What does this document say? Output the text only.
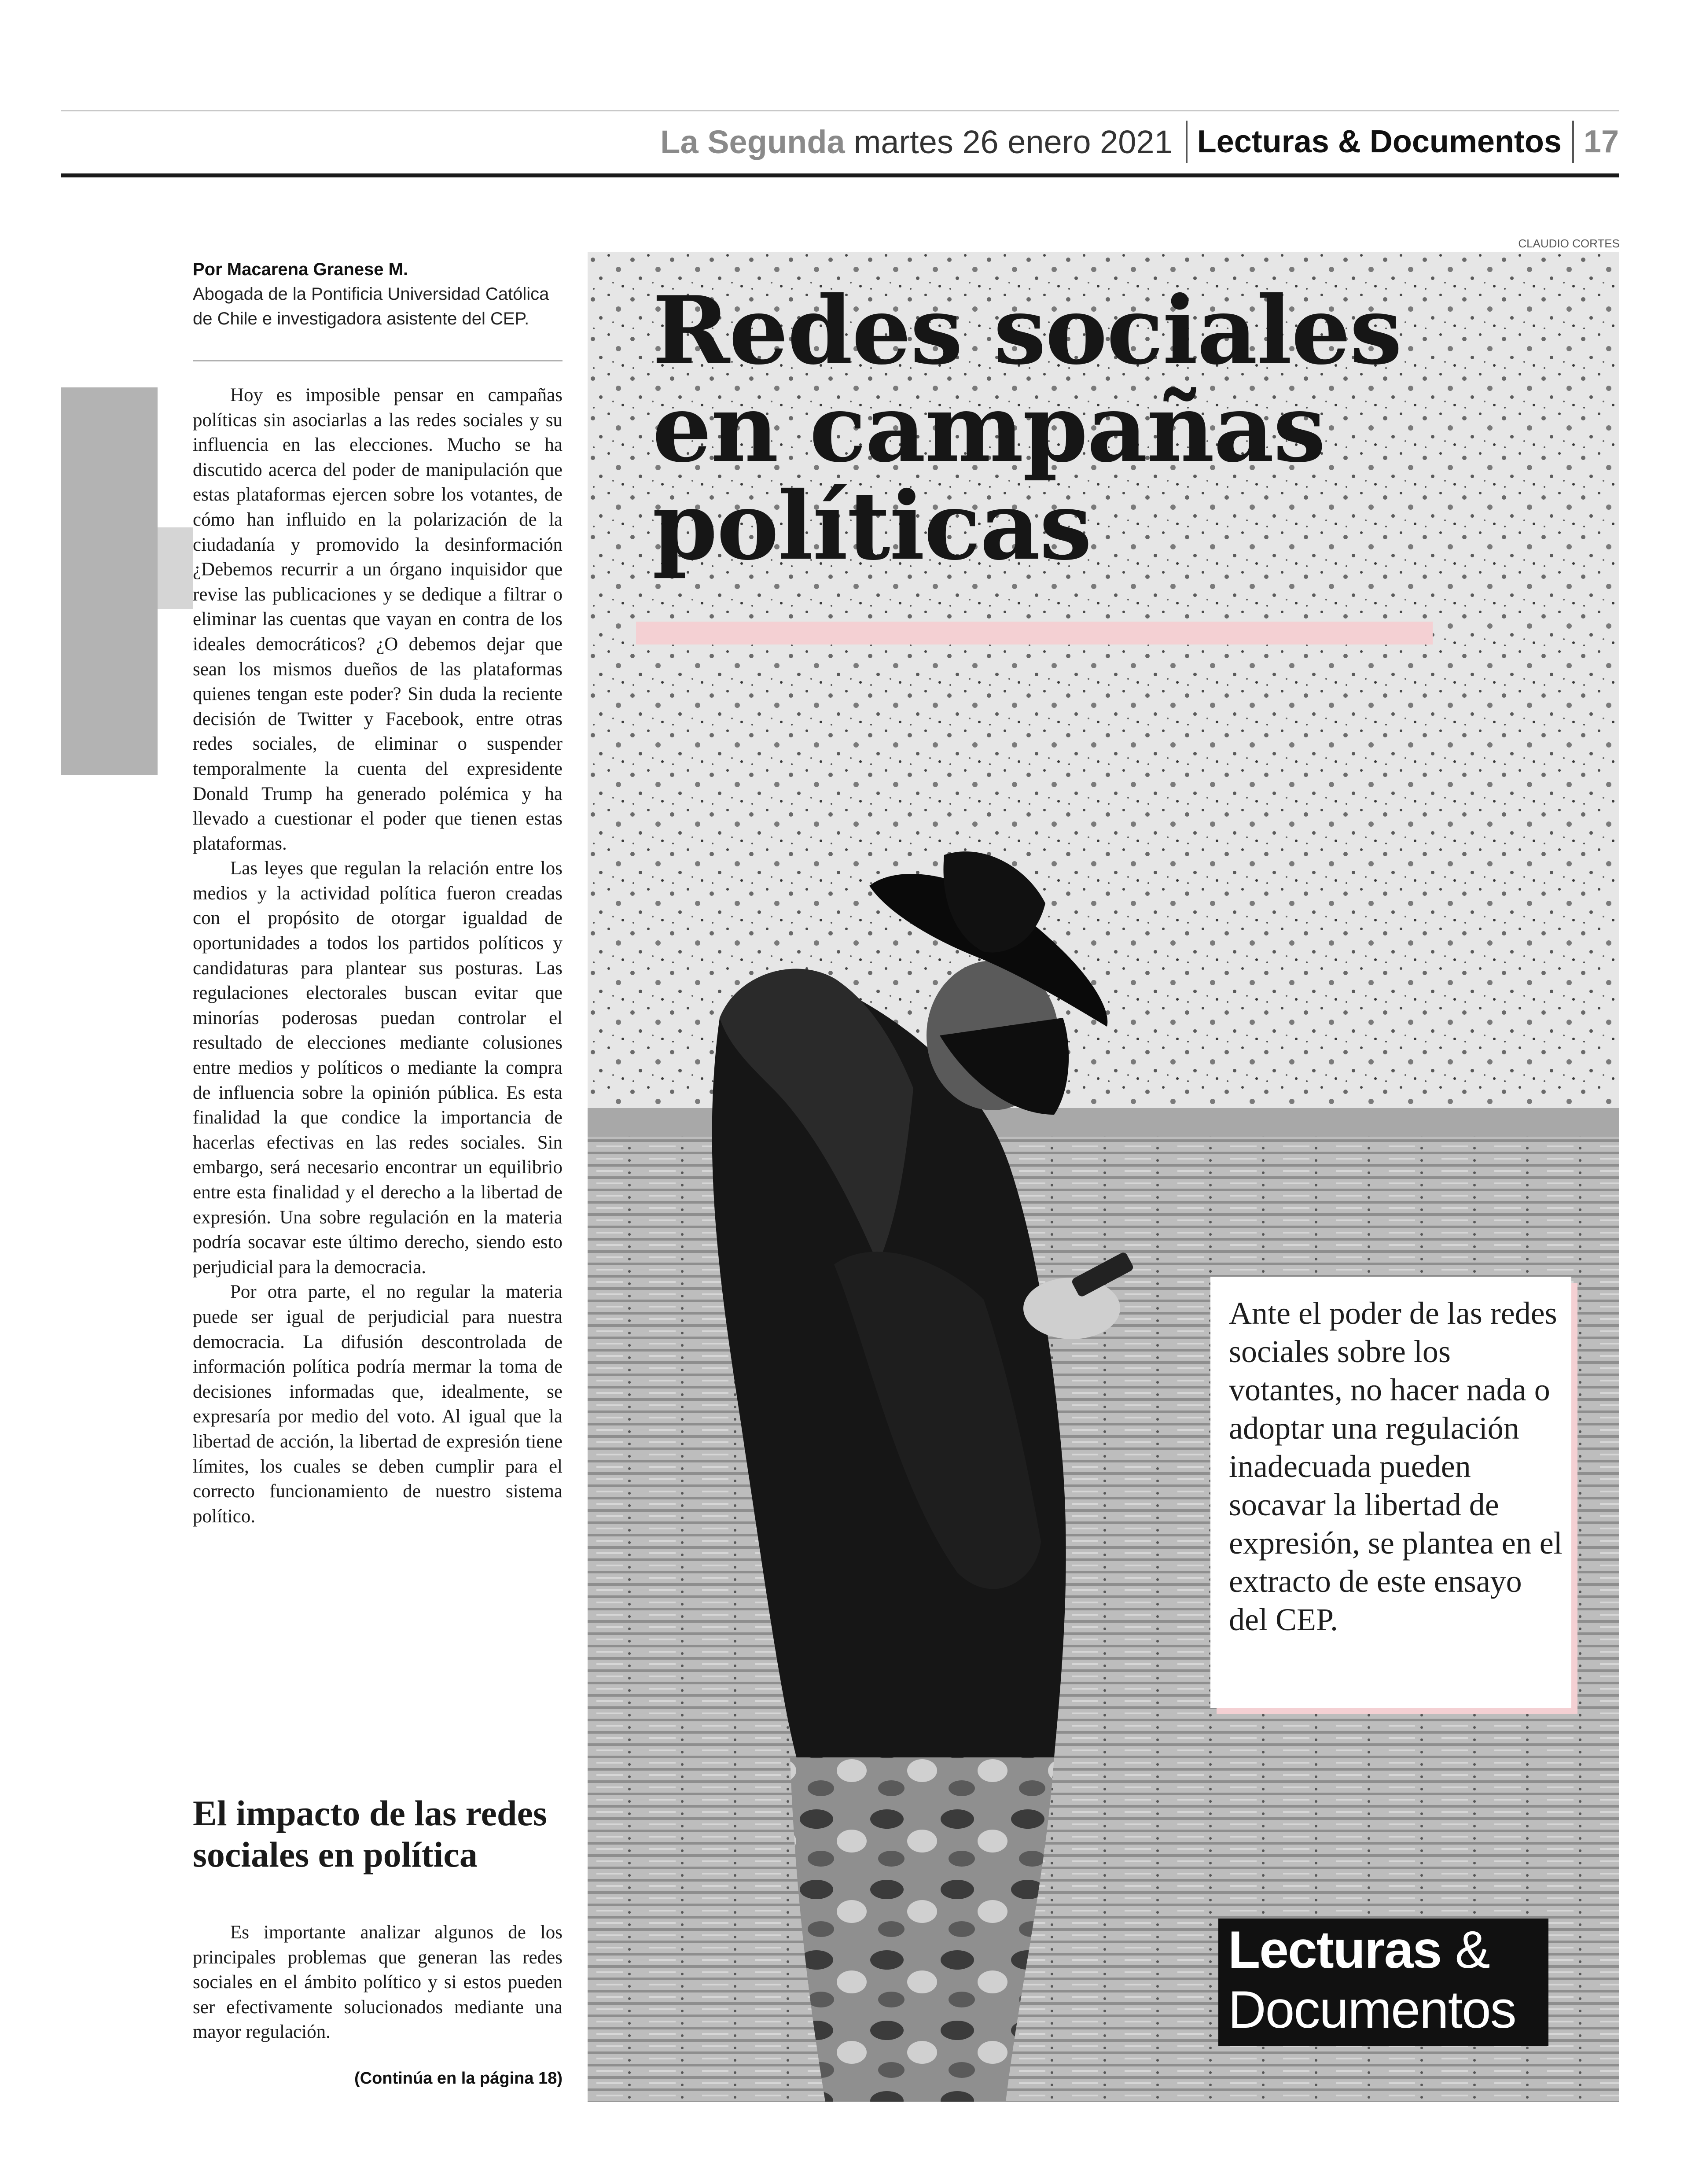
La Segunda martes 26 enero 2021 Lecturas & Documentos 17
Por Macarena Granese M.
Abogada de la Pontificia Universidad Católica de Chile e investigadora asistente del CEP.

Hoy es imposible pensar en campañas políticas sin asociarlas a las redes sociales y su influencia en las elecciones. Mucho se ha discutido acerca del poder de manipulación que estas plataformas ejercen sobre los votantes, de cómo han influido en la polarización de la ciudadanía y promovido la desinformación ¿Debemos recurrir a un órgano inquisidor que revise las publicaciones y se dedique a filtrar o eliminar las cuentas que vayan en contra de los ideales democráticos? ¿O debemos dejar que sean los mismos dueños de las plataformas quienes tengan este poder? Sin duda la reciente decisión de Twitter y Facebook, entre otras redes sociales, de eliminar o suspender temporalmente la cuenta del expresidente Donald Trump ha generado polémica y ha llevado a cuestionar el poder que tienen estas plataformas.

Las leyes que regulan la relación entre los medios y la actividad política fueron creadas con el propósito de otorgar igualdad de oportunidades a todos los partidos políticos y candidaturas para plantear sus posturas. Las regulaciones electorales buscan evitar que minorías poderosas puedan controlar el resultado de elecciones mediante colusiones entre medios y políticos o mediante la compra de influencia sobre la opinión pública. Es esta finalidad la que condice la importancia de hacerlas efectivas en las redes sociales. Sin embargo, será necesario encontrar un equilibrio entre esta finalidad y el derecho a la libertad de expresión. Una sobre regulación en la materia podría socavar este último derecho, siendo esto perjudicial para la democracia.

Por otra parte, el no regular la materia puede ser igual de perjudicial para nuestra democracia. La difusión descontrolada de información política podría mermar la toma de decisiones informadas que, idealmente, se expresaría por medio del voto. Al igual que la libertad de acción, la libertad de expresión tiene límites, los cuales se deben cumplir para el correcto funcionamiento de nuestro sistema político.

El impacto de las redes sociales en política

Es importante analizar algunos de los principales problemas que generan las redes sociales en el ámbito político y si estos pueden ser efectivamente solucionados mediante una mayor regulación.

(Continúa en la página 18)
CLAUDIO CORTES
Redes sociales
en campañas
políticas
Ante el poder de las redes sociales sobre los votantes, no hacer nada o adoptar una regulación inadecuada pueden socavar la libertad de expresión, se plantea en el extracto de este ensayo del CEP.
Lecturas &
Documentos
